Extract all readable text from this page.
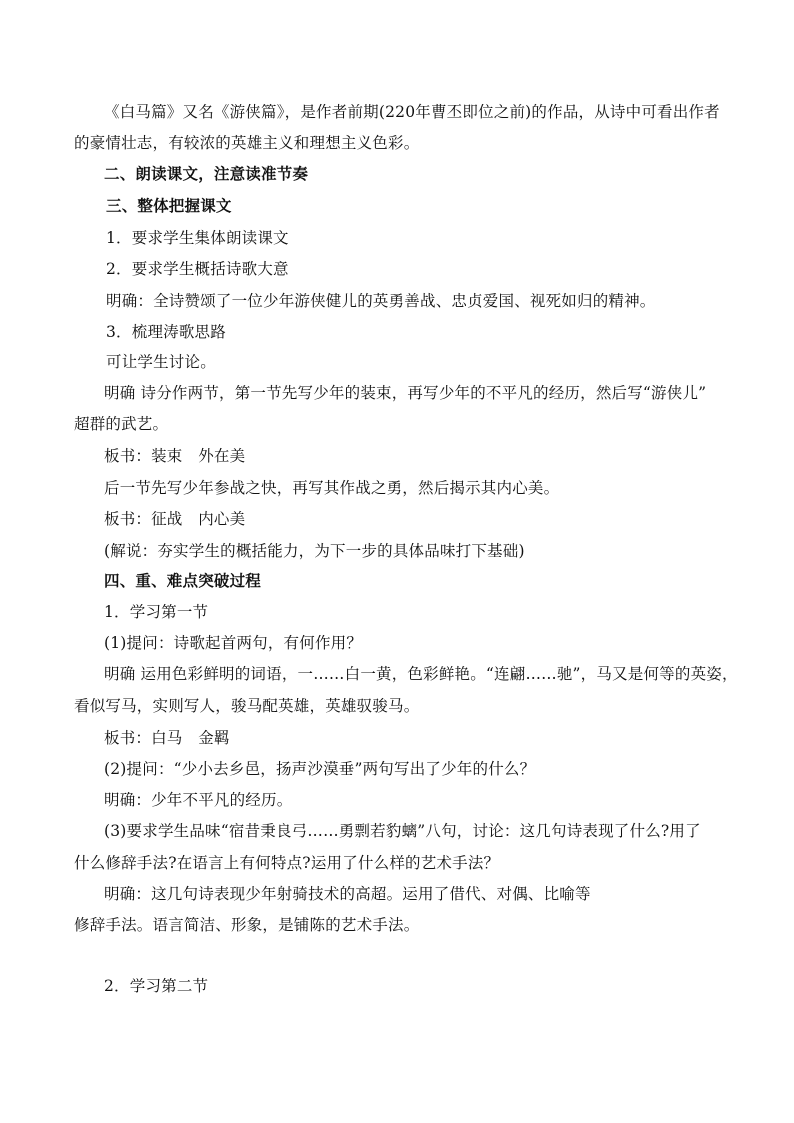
《白马篇》又名《游侠篇》，是作者前期(220年曹丕即位之前)的作品，从诗中可看出作者
的豪情壮志，有较浓的英雄主义和理想主义色彩。
二、朗读课文，注意读准节奏
三、整体把握课文
1．要求学生集体朗读课文
2．要求学生概括诗歌大意
明确：全诗赞颂了一位少年游侠健儿的英勇善战、忠贞爱国、视死如归的精神。
3．梳理涛歌思路
可让学生讨论。
明确 诗分作两节，第一节先写少年的装束，再写少年的不平凡的经历，然后写“游侠儿”
超群的武艺。
板书：装束　外在美
后一节先写少年参战之快，再写其作战之勇，然后揭示其内心美。
板书：征战　内心美
(解说：夯实学生的概括能力，为下一步的具体品味打下基础)
四、重、难点突破过程
1．学习第一节
(1)提问：诗歌起首两句，有何作用？
明确 运用色彩鲜明的词语，一……白一黄，色彩鲜艳。“连翩……驰”，马又是何等的英姿，
看似写马，实则写人，骏马配英雄，英雄驭骏马。
板书：白马　金羁
(2)提问：“少小去乡邑，扬声沙漠垂”两句写出了少年的什么？
明确：少年不平凡的经历。
(3)要求学生品味“宿昔秉良弓……勇剽若豹螭”八句，讨论：这几句诗表现了什么?用了
什么修辞手法?在语言上有何特点?运用了什么样的艺术手法？
明确：这几句诗表现少年射骑技术的高超。运用了借代、对偶、比喻等
修辞手法。语言简洁、形象，是铺陈的艺术手法。
2．学习第二节
